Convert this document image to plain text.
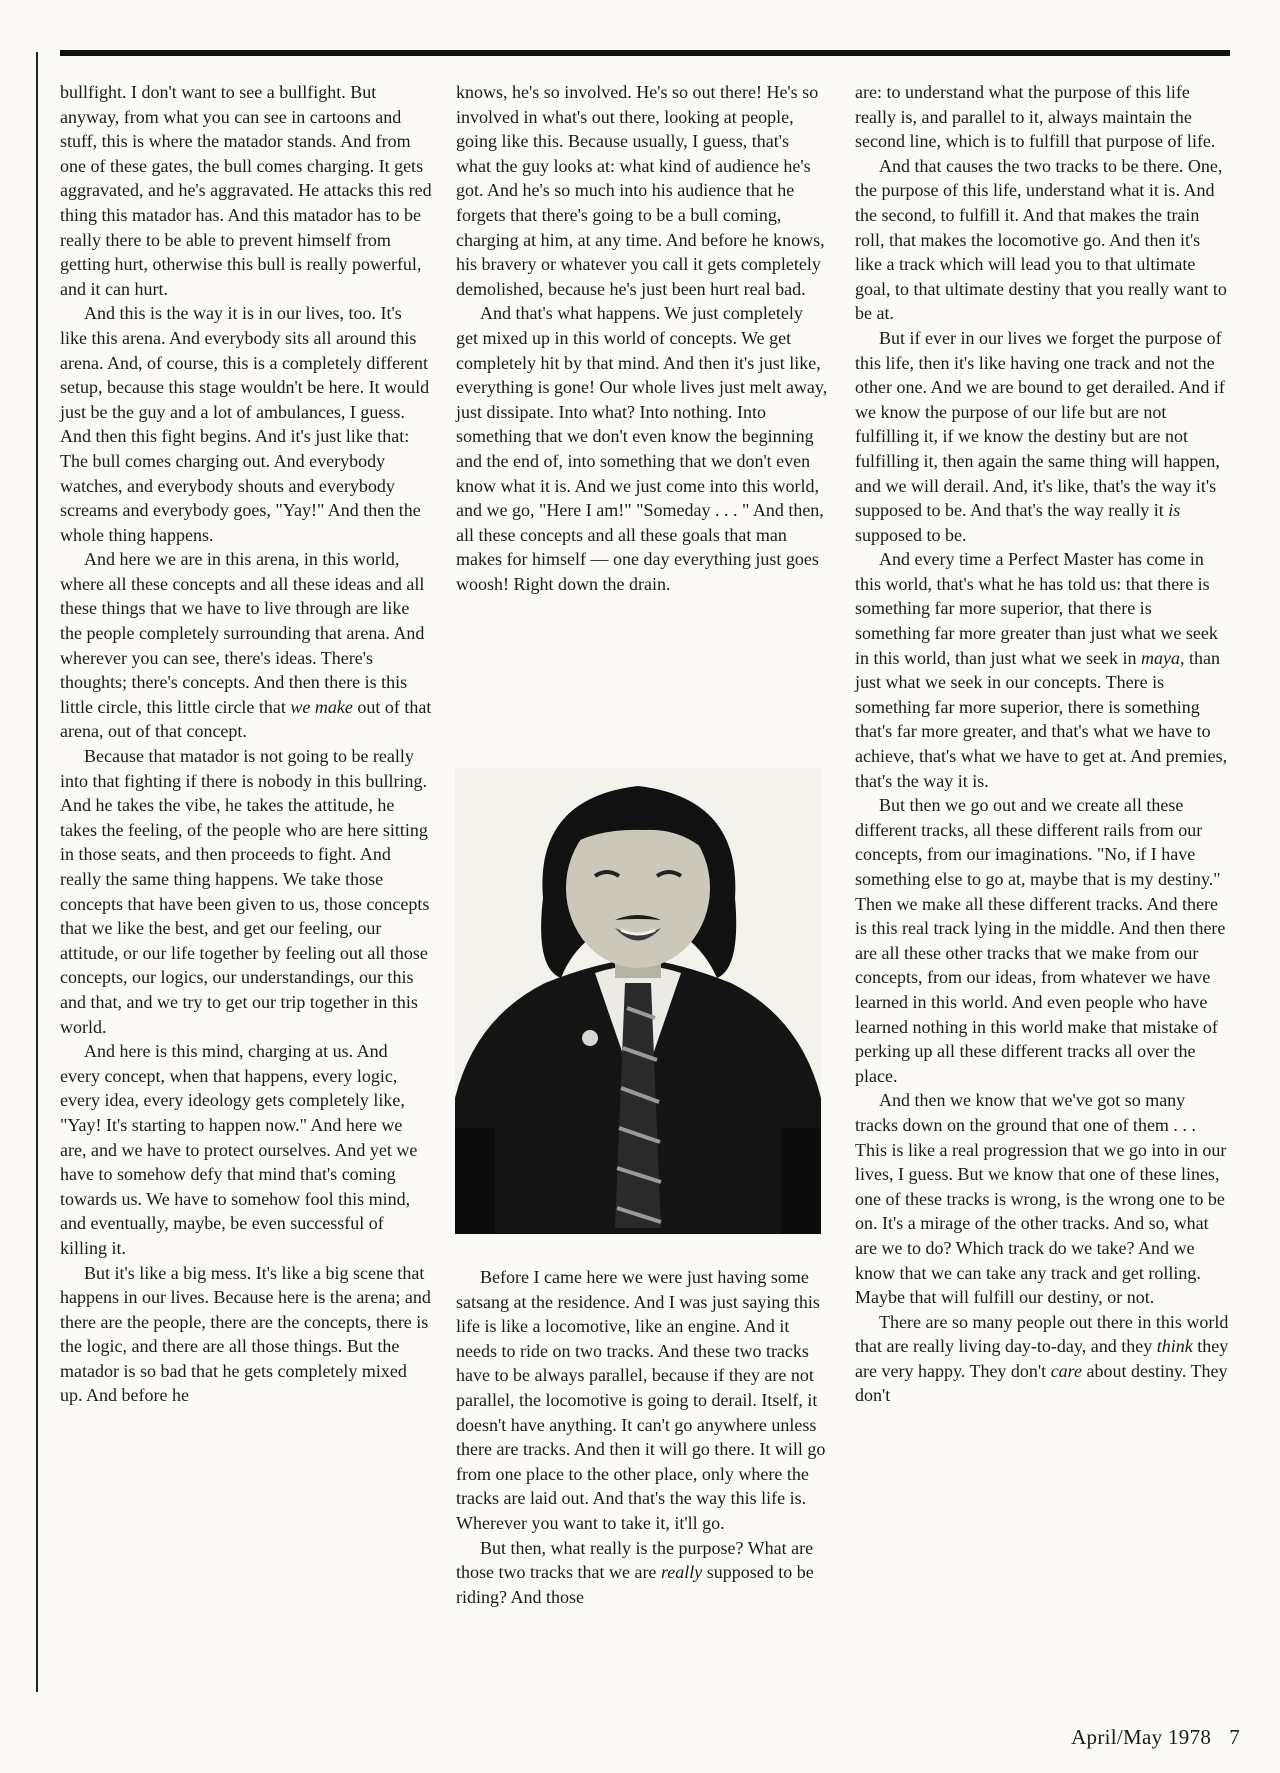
bullfight. I don't want to see a bullfight. But anyway, from what you can see in cartoons and stuff, this is where the matador stands. And from one of these gates, the bull comes charging. It gets aggravated, and he's aggravated. He attacks this red thing this matador has. And this matador has to be really there to be able to prevent himself from getting hurt, otherwise this bull is really powerful, and it can hurt.

And this is the way it is in our lives, too. It's like this arena. And everybody sits all around this arena. And, of course, this is a completely different setup, because this stage wouldn't be here. It would just be the guy and a lot of ambulances, I guess. And then this fight begins. And it's just like that: The bull comes charging out. And everybody watches, and everybody shouts and everybody screams and everybody goes, "Yay!" And then the whole thing happens.

And here we are in this arena, in this world, where all these concepts and all these ideas and all these things that we have to live through are like the people completely surrounding that arena. And wherever you can see, there's ideas. There's thoughts; there's concepts. And then there is this little circle, this little circle that we make out of that arena, out of that concept.

Because that matador is not going to be really into that fighting if there is nobody in this bullring. And he takes the vibe, he takes the attitude, he takes the feeling, of the people who are here sitting in those seats, and then proceeds to fight. And really the same thing happens. We take those concepts that have been given to us, those concepts that we like the best, and get our feeling, our attitude, or our life together by feeling out all those concepts, our logics, our understandings, our this and that, and we try to get our trip together in this world.

And here is this mind, charging at us. And every concept, when that happens, every logic, every idea, every ideology gets completely like, "Yay! It's starting to happen now." And here we are, and we have to protect ourselves. And yet we have to somehow defy that mind that's coming towards us. We have to somehow fool this mind, and eventually, maybe, be even successful of killing it.

But it's like a big mess. It's like a big scene that happens in our lives. Because here is the arena; and there are the people, there are the concepts, there is the logic, and there are all those things. But the matador is so bad that he gets completely mixed up. And before he

knows, he's so involved. He's so out there! He's so involved in what's out there, looking at people, going like this. Because usually, I guess, that's what the guy looks at: what kind of audience he's got. And he's so much into his audience that he forgets that there's going to be a bull coming, charging at him, at any time. And before he knows, his bravery or whatever you call it gets completely demolished, because he's just been hurt real bad.

And that's what happens. We just completely get mixed up in this world of concepts. We get completely hit by that mind. And then it's just like, everything is gone! Our whole lives just melt away, just dissipate. Into what? Into nothing. Into something that we don't even know the beginning and the end of, into something that we don't even know what it is. And we just come into this world, and we go, "Here I am!" "Someday . . . " And then, all these concepts and all these goals that man makes for himself — one day everything just goes woosh! Right down the drain.

Before I came here we were just having some satsang at the residence. And I was just saying this life is like a locomotive, like an engine. And it needs to ride on two tracks. And these two tracks have to be always parallel, because if they are not parallel, the locomotive is going to derail. Itself, it doesn't have anything. It can't go anywhere unless there are tracks. And then it will go there. It will go from one place to the other place, only where the tracks are laid out. And that's the way this life is. Wherever you want to take it, it'll go.

But then, what really is the purpose? What are those two tracks that we are really supposed to be riding? And those

are: to understand what the purpose of this life really is, and parallel to it, always maintain the second line, which is to fulfill that purpose of life.

And that causes the two tracks to be there. One, the purpose of this life, understand what it is. And the second, to fulfill it. And that makes the train roll, that makes the locomotive go. And then it's like a track which will lead you to that ultimate goal, to that ultimate destiny that you really want to be at.

But if ever in our lives we forget the purpose of this life, then it's like having one track and not the other one. And we are bound to get derailed. And if we know the purpose of our life but are not fulfilling it, if we know the destiny but are not fulfilling it, then again the same thing will happen, and we will derail. And, it's like, that's the way it's supposed to be. And that's the way really it is supposed to be.

And every time a Perfect Master has come in this world, that's what he has told us: that there is something far more superior, that there is something far more greater than just what we seek in this world, than just what we seek in maya, than just what we seek in our concepts. There is something far more superior, there is something that's far more greater, and that's what we have to achieve, that's what we have to get at. And premies, that's the way it is.

But then we go out and we create all these different tracks, all these different rails from our concepts, from our imaginations. "No, if I have something else to go at, maybe that is my destiny." Then we make all these different tracks. And there is this real track lying in the middle. And then there are all these other tracks that we make from our concepts, from our ideas, from whatever we have learned in this world. And even people who have learned nothing in this world make that mistake of perking up all these different tracks all over the place.

And then we know that we've got so many tracks down on the ground that one of them . . . This is like a real progression that we go into in our lives, I guess. But we know that one of these lines, one of these tracks is wrong, is the wrong one to be on. It's a mirage of the other tracks. And so, what are we to do? Which track do we take? And we know that we can take any track and get rolling. Maybe that will fulfill our destiny, or not.

There are so many people out there in this world that are really living day-to-day, and they think they are very happy. They don't care about destiny. They don't

April/May 1978 7
